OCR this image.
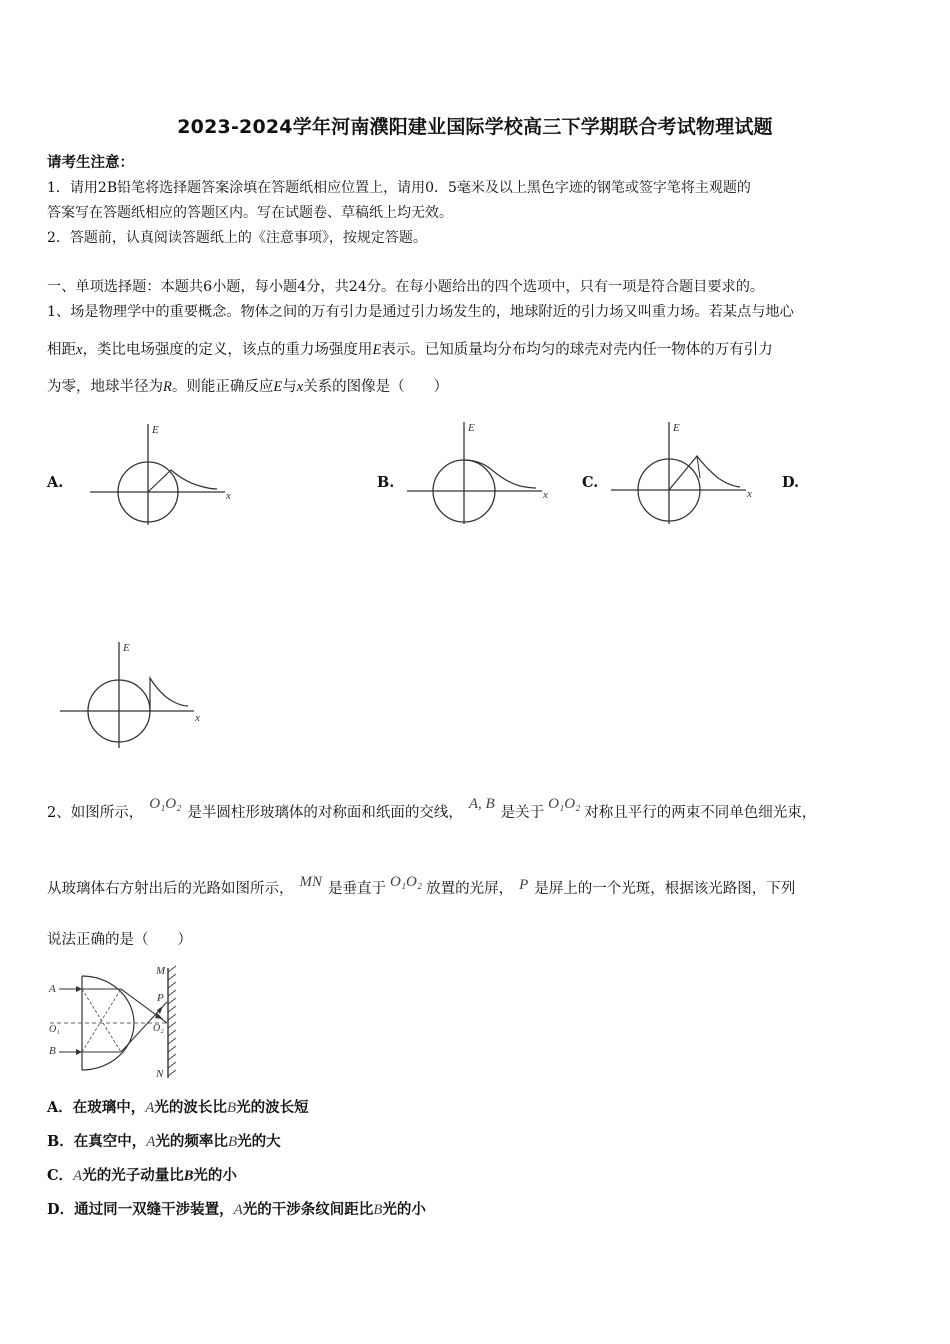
2023-2024学年河南濮阳建业国际学校高三下学期联合考试物理试题
请考生注意：
1．请用2B铅笔将选择题答案涂填在答题纸相应位置上，请用0．5毫米及以上黑色字迹的钢笔或签字笔将主观题的
答案写在答题纸相应的答题区内。写在试题卷、草稿纸上均无效。
2．答题前，认真阅读答题纸上的《注意事项》，按规定答题。
一、单项选择题：本题共6小题，每小题4分，共24分。在每小题给出的四个选项中，只有一项是符合题目要求的。
1、场是物理学中的重要概念。物体之间的万有引力是通过引力场发生的，地球附近的引力场又叫重力场。若某点与地心
相距x，类比电场强度的定义，该点的重力场强度用E表示。已知质量均分布均匀的球壳对壳内任一物体的万有引力
为零，地球半径为R。则能正确反应E与x关系的图像是（　　）
A.	B.	C.	D.
E
x
E
x
E
x
E
x
2、如图所示，O₁O₂是半圆柱形玻璃体的对称面和纸面的交线，A, B是关于O₁O₂对称且平行的两束不同单色细光束，
从玻璃体右方射出后的光路如图所示， MN 是垂直于 O₁O₂ 放置的光屏， P 是屏上的一个光斑，根据该光路图，下列
说法正确的是（　　）
A
B
O₁	O₂
M
N
P
A．在玻璃中，A光的波长比B光的波长短
B．在真空中，A光的频率比B光的大
C．A光的光子动量比B光的小
D．通过同一双缝干涉装置，A光的干涉条纹间距比B光的小
